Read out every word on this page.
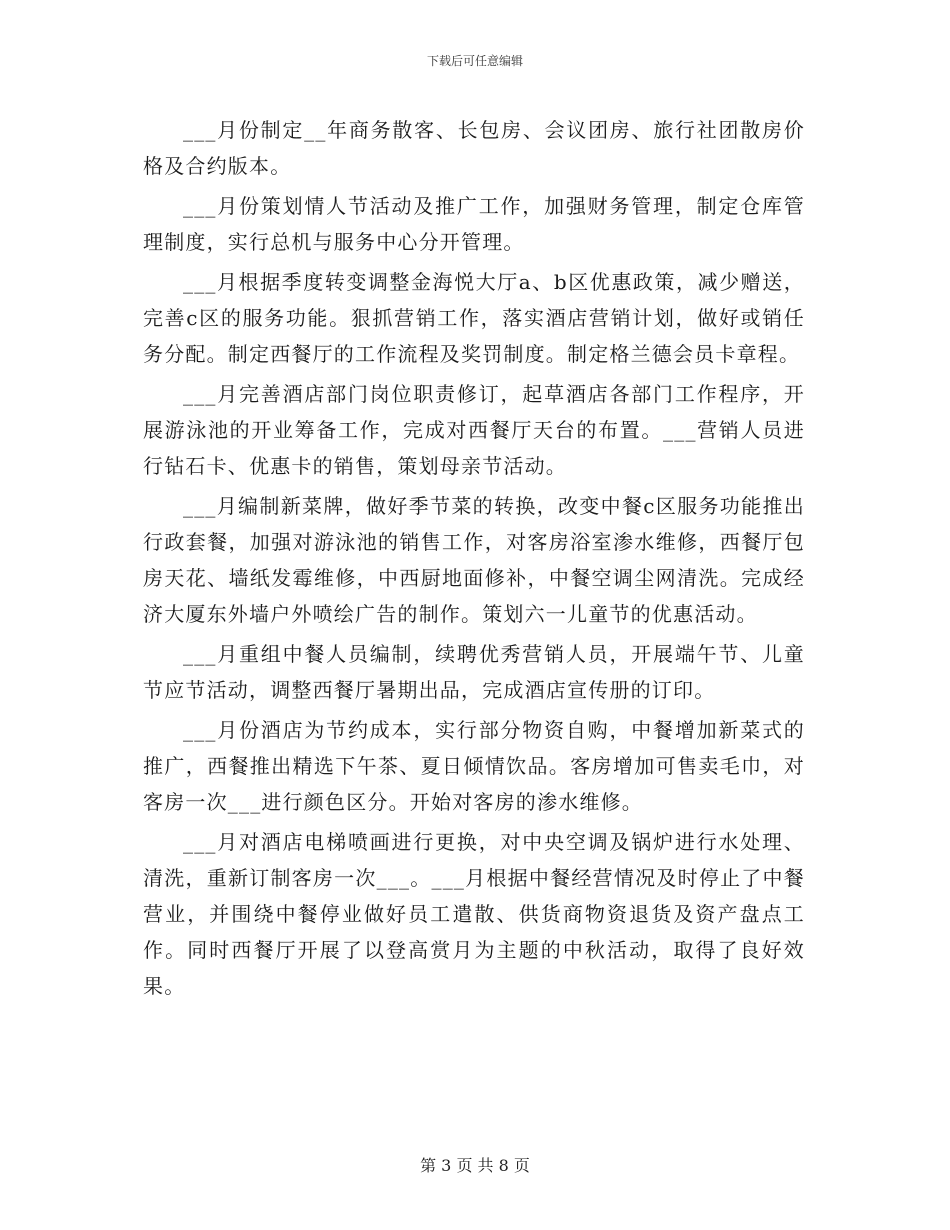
下载后可任意编辑

___月份制定__年商务散客、长包房、会议团房、旅行社团散房价格及合约版本。

___月份策划情人节活动及推广工作，加强财务管理，制定仓库管理制度，实行总机与服务中心分开管理。

___月根据季度转变调整金海悦大厅a、b区优惠政策，减少赠送，完善c区的服务功能。狠抓营销工作，落实酒店营销计划，做好或销任务分配。制定西餐厅的工作流程及奖罚制度。制定格兰德会员卡章程。

___月完善酒店部门岗位职责修订，起草酒店各部门工作程序，开展游泳池的开业筹备工作，完成对西餐厅天台的布置。___营销人员进行钻石卡、优惠卡的销售，策划母亲节活动。

___月编制新菜牌，做好季节菜的转换，改变中餐c区服务功能推出行政套餐，加强对游泳池的销售工作，对客房浴室渗水维修，西餐厅包房天花、墙纸发霉维修，中西厨地面修补，中餐空调尘网清洗。完成经济大厦东外墙户外喷绘广告的制作。策划六一儿童节的优惠活动。

___月重组中餐人员编制，续聘优秀营销人员，开展端午节、儿童节应节活动，调整西餐厅暑期出品，完成酒店宣传册的订印。

___月份酒店为节约成本，实行部分物资自购，中餐增加新菜式的推广，西餐推出精选下午茶、夏日倾情饮品。客房增加可售卖毛巾，对客房一次___进行颜色区分。开始对客房的渗水维修。

___月对酒店电梯喷画进行更换，对中央空调及锅炉进行水处理、清洗，重新订制客房一次___。___月根据中餐经营情况及时停止了中餐营业，并围绕中餐停业做好员工遣散、供货商物资退货及资产盘点工作。同时西餐厅开展了以登高赏月为主题的中秋活动，取得了良好效果。

第 3 页 共 8 页
